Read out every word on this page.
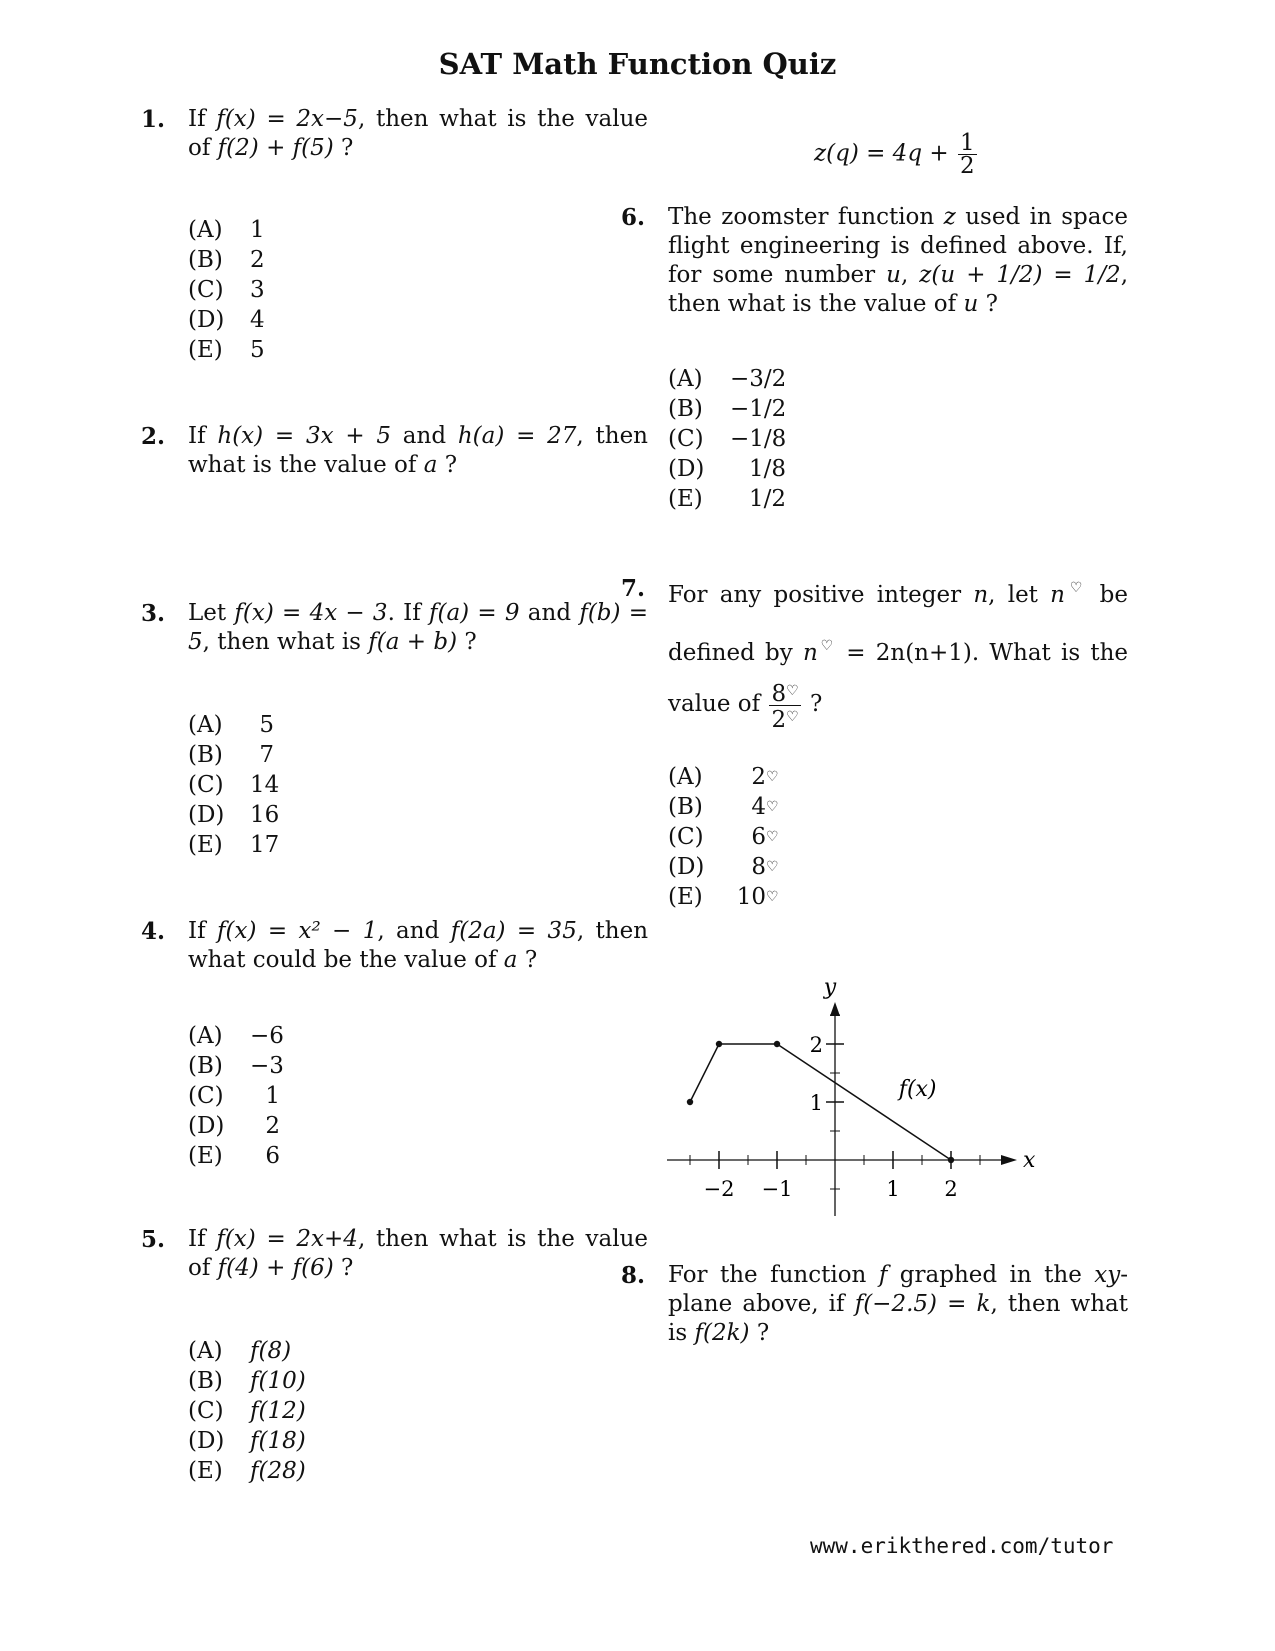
SAT Math Function Quiz
1. If f(x) = 2x−5, then what is the value of f(2) + f(5) ?
(A)	1
(B)	2
(C)	3
(D)	4
(E)	5
2. If h(x) = 3x + 5 and h(a) = 27, then what is the value of a ?
3. Let f(x) = 4x − 3. If f(a) = 9 and f(b) = 5, then what is f(a + b) ?
(A)	5
(B)	7
(C)	14
(D)	16
(E)	17
4. If f(x) = x² − 1, and f(2a) = 35, then what could be the value of a ?
(A)	−6
(B)	−3
(C)	1
(D)	2
(E)	6
5. If f(x) = 2x+4, then what is the value of f(4) + f(6) ?
(A)	f(8)
(B)	f(10)
(C)	f(12)
(D)	f(18)
(E)	f(28)
$z(q) = 4q + \frac{1}{2}$
6. The zoomster function z used in space flight engineering is defined above. If, for some number u, z(u + 1/2) = 1/2, then what is the value of u ?
(A)	−3/2
(B)	−1/2
(C)	−1/8
(D)	1/8
(E)	1/2
7. For any positive integer n, let n♡ be defined by n♡ = 2n(n+1). What is the value of $\frac{8^♡}{2^♡}$ ?
(A)	2 ♡
(B)	4 ♡
(C)	6 ♡
(D)	8 ♡
(E)	10 ♡
−2 −1	1 2
1
2
x
y
f(x)
8. For the function f graphed in the xy-plane above, if f(−2.5) = k, then what is f(2k) ?
www.erikthered.com/tutor
